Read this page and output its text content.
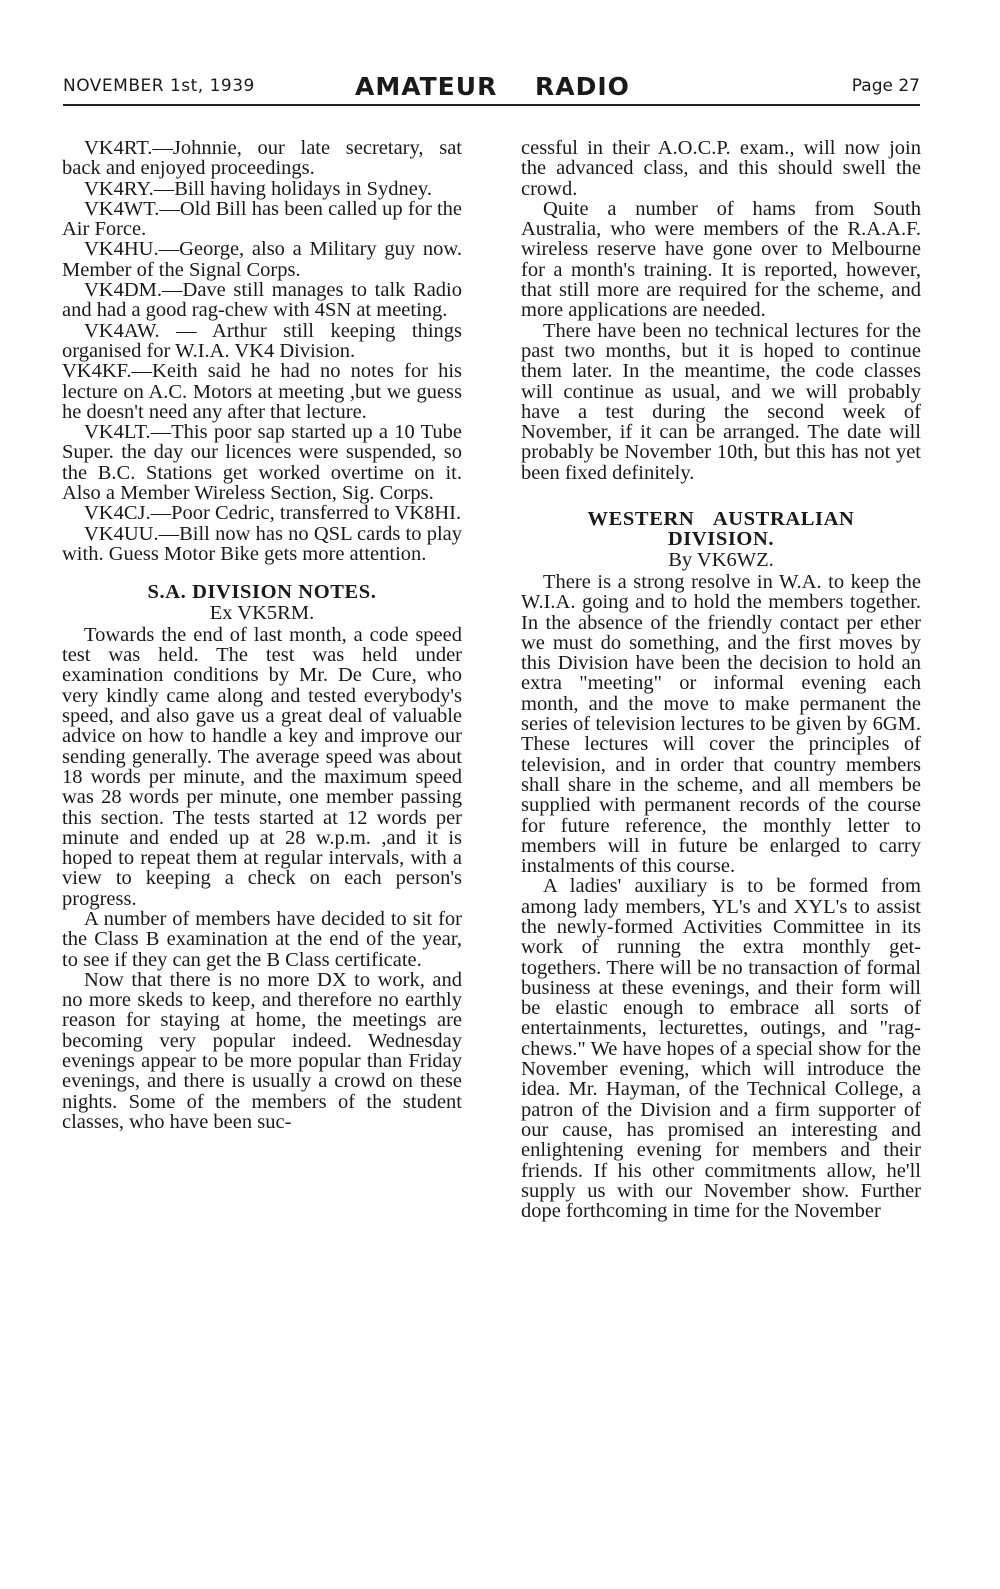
NOVEMBER 1st, 1939	AMATEUR RADIO	Page 27

VK4RT.—Johnnie, our late secretary, sat back and enjoyed proceedings.

VK4RY.—Bill having holidays in Sydney.

VK4WT.—Old Bill has been called up for the Air Force.

VK4HU.—George, also a Military guy now. Member of the Signal Corps.

VK4DM.—Dave still manages to talk Radio and had a good rag-chew with 4SN at meeting.

VK4AW. — Arthur still keeping things organised for W.I.A. VK4 Division.

VK4KF.—Keith said he had no notes for his lecture on A.C. Motors at meeting ,but we guess he doesn't need any after that lecture.

VK4LT.—This poor sap started up a 10 Tube Super. the day our licences were suspended, so the B.C. Stations get worked overtime on it. Also a Member Wireless Section, Sig. Corps.

VK4CJ.—Poor Cedric, transferred to VK8HI.

VK4UU.—Bill now has no QSL cards to play with. Guess Motor Bike gets more attention.

S.A. DIVISION NOTES.
Ex VK5RM.

Towards the end of last month, a code speed test was held. The test was held under examination conditions by Mr. De Cure, who very kindly came along and tested everybody's speed, and also gave us a great deal of valuable advice on how to handle a key and improve our sending generally. The average speed was about 18 words per minute, and the maximum speed was 28 words per minute, one member passing this section. The tests started at 12 words per minute and ended up at 28 w.p.m. ,and it is hoped to repeat them at regular intervals, with a view to keeping a check on each person's progress.

A number of members have decided to sit for the Class B examination at the end of the year, to see if they can get the B Class certificate.

Now that there is no more DX to work, and no more skeds to keep, and therefore no earthly reason for staying at home, the meetings are becoming very popular indeed. Wednesday evenings appear to be more popular than Friday evenings, and there is usually a crowd on these nights. Some of the members of the student classes, who have been suc-

cessful in their A.O.C.P. exam., will now join the advanced class, and this should swell the crowd.

Quite a number of hams from South Australia, who were members of the R.A.A.F. wireless reserve have gone over to Melbourne for a month's training. It is reported, however, that still more are required for the scheme, and more applications are needed.

There have been no technical lectures for the past two months, but it is hoped to continue them later. In the meantime, the code classes will continue as usual, and we will probably have a test during the second week of November, if it can be arranged. The date will probably be November 10th, but this has not yet been fixed definitely.

WESTERN AUSTRALIAN
DIVISION.
By VK6WZ.

There is a strong resolve in W.A. to keep the W.I.A. going and to hold the members together. In the absence of the friendly contact per ether we must do something, and the first moves by this Division have been the decision to hold an extra "meeting" or informal evening each month, and the move to make permanent the series of television lectures to be given by 6GM. These lectures will cover the principles of television, and in order that country members shall share in the scheme, and all members be supplied with permanent records of the course for future reference, the monthly letter to members will in future be enlarged to carry instalments of this course.

A ladies' auxiliary is to be formed from among lady members, YL's and XYL's to assist the newly-formed Activities Committee in its work of running the extra monthly get-togethers. There will be no transaction of formal business at these evenings, and their form will be elastic enough to embrace all sorts of entertainments, lecturettes, outings, and "rag-chews." We have hopes of a special show for the November evening, which will introduce the idea. Mr. Hayman, of the Technical College, a patron of the Division and a firm supporter of our cause, has promised an interesting and enlightening evening for members and their friends. If his other commitments allow, he'll supply us with our November show. Further dope forthcoming in time for the November
